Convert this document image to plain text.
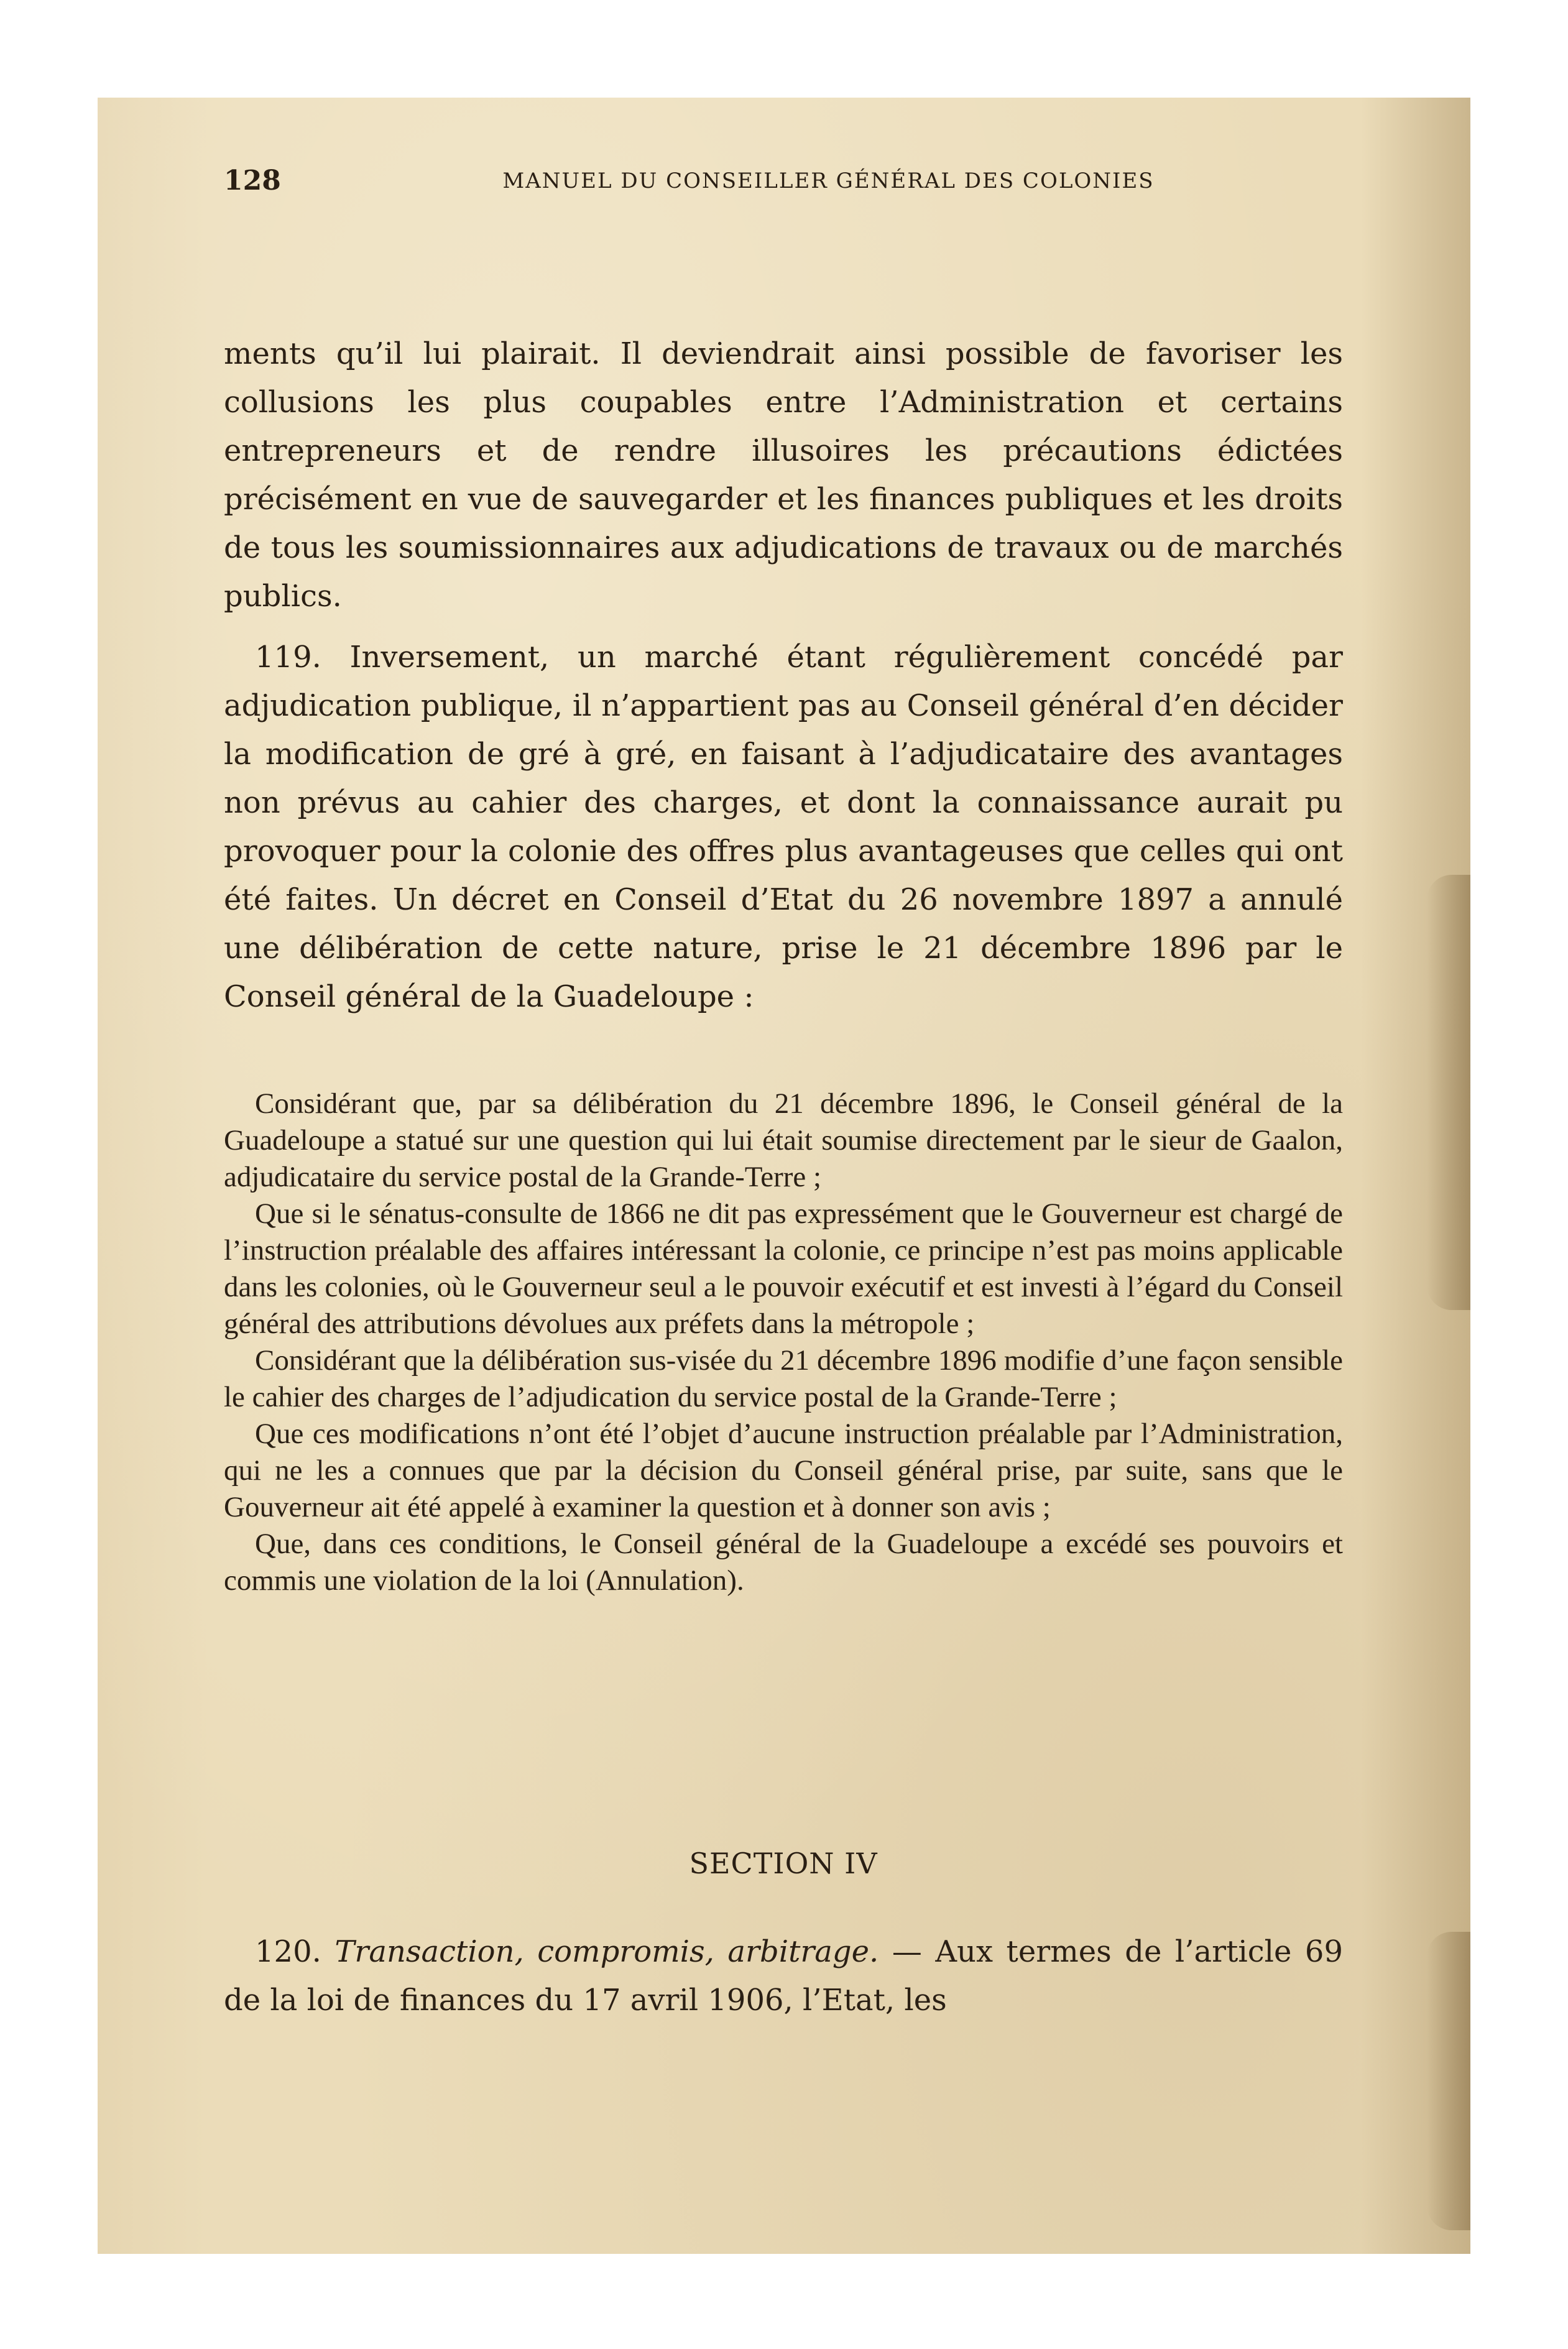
128	MANUEL DU CONSEILLER GÉNÉRAL DES COLONIES

ments qu’il lui plairait. Il deviendrait ainsi possible de favoriser les collusions les plus coupables entre l’Administration et certains entrepreneurs et de rendre illusoires les précautions édictées précisément en vue de sauvegarder et les finances publiques et les droits de tous les soumissionnaires aux adjudications de travaux ou de marchés publics.

119. Inversement, un marché étant régulièrement concédé par adjudication publique, il n’appartient pas au Conseil général d’en décider la modification de gré à gré, en faisant à l’adjudicataire des avantages non prévus au cahier des charges, et dont la connaissance aurait pu provoquer pour la colonie des offres plus avantageuses que celles qui ont été faites. Un décret en Conseil d’Etat du 26 novembre 1897 a annulé une délibération de cette nature, prise le 21 décembre 1896 par le Conseil général de la Guadeloupe :

Considérant que, par sa délibération du 21 décembre 1896, le Conseil général de la Guadeloupe a statué sur une question qui lui était soumise directement par le sieur de Gaalon, adjudicataire du service postal de la Grande-Terre ;

Que si le sénatus-consulte de 1866 ne dit pas expressément que le Gouverneur est chargé de l’instruction préalable des affaires intéressant la colonie, ce principe n’est pas moins applicable dans les colonies, où le Gouverneur seul a le pouvoir exécutif et est investi à l’égard du Conseil général des attributions dévolues aux préfets dans la métropole ;

Considérant que la délibération sus-visée du 21 décembre 1896 modifie d’une façon sensible le cahier des charges de l’adjudication du service postal de la Grande-Terre ;

Que ces modifications n’ont été l’objet d’aucune instruction préalable par l’Administration, qui ne les a connues que par la décision du Conseil général prise, par suite, sans que le Gouverneur ait été appelé à examiner la question et à donner son avis ;

Que, dans ces conditions, le Conseil général de la Guadeloupe a excédé ses pouvoirs et commis une violation de la loi (Annulation).

SECTION IV

120. Transaction, compromis, arbitrage. — Aux termes de l’article 69 de la loi de finances du 17 avril 1906, l’Etat, les
